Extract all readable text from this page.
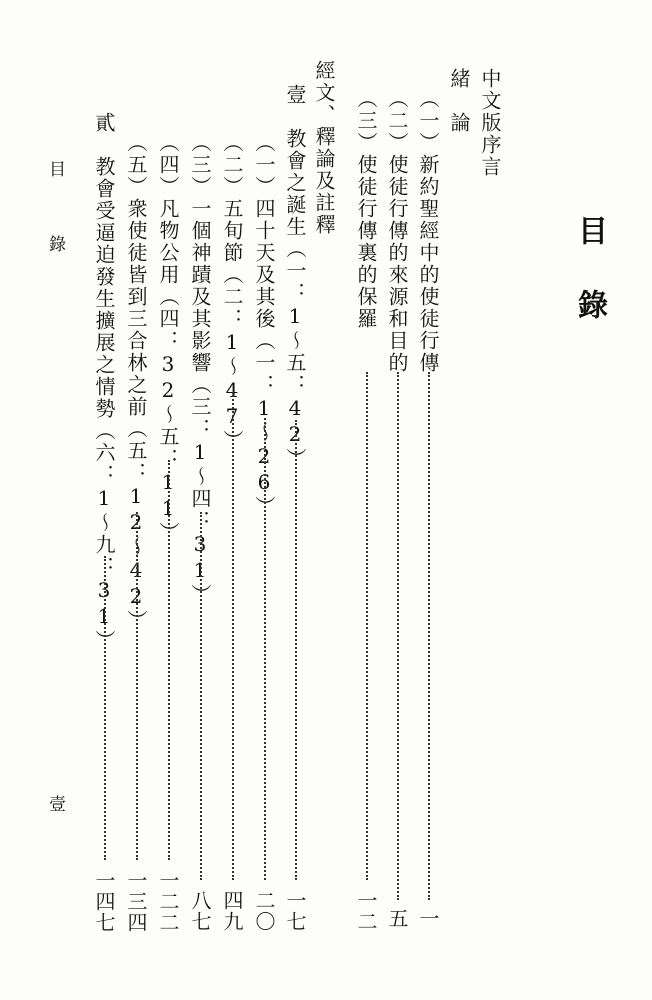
目錄
中文版序言
緒　論
（一）新約聖經中的使徒行傳
一
（二）使徒行傳的來源和目的
五
（三）使徒行傳裏的保羅
一二
經文、釋論及註釋
壹　教會之誕生（一：1～五：42）
一七
（一）四十天及其後（一：1～26）
二〇
（二）五旬節（二：1～47）
四九
（三）一個神蹟及其影響（三：1～四：31）
八七
（四）凡物公用（四：32～五：11）
一二二
（五）衆使徒皆到三合林之前（五：12～42）
一三四
貳　教會受逼迫發生擴展之情勢（六：1～九：31）
一四七
目錄
壹
